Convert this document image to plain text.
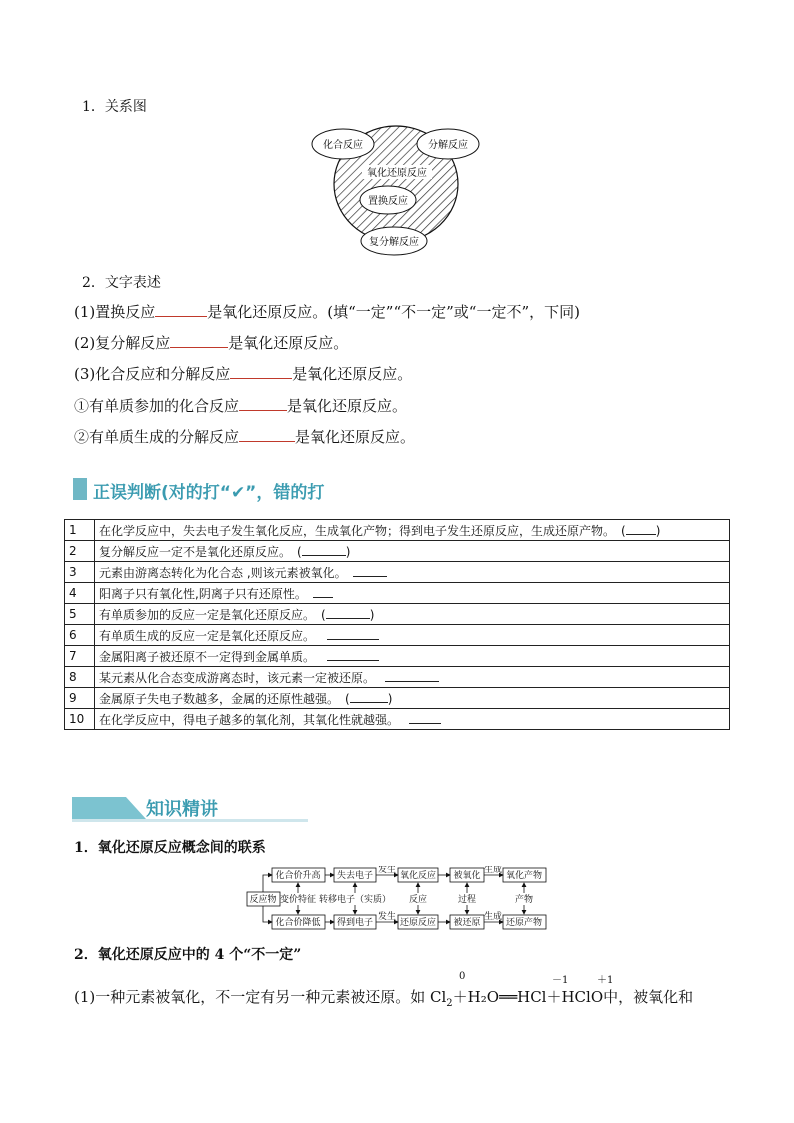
1．关系图
化合反应	分解反应
氧化还原反应
置换反应
复分解反应
2．文字表述
(1)置换反应	是氧化还原反应。(填“一定”“不一定”或“一定不”，下同)
(2)复分解反应	是氧化还原反应。
(3)化合反应和分解反应	是氧化还原反应。
①有单质参加的化合反应	是氧化还原反应。
②有单质生成的分解反应	是氧化还原反应。
正误判断(对的打“✔”，错的打
1	在化学反应中，失去电子发生氧化反应，生成氧化产物；得到电子发生还原反应，生成还原产物。 ( )
2	复分解反应一定不是氧化还原反应。 ( )
3	元素由游离态转化为化合态 ,则该元素被氧化。
4	阳离子只有氧化性,阴离子只有还原性。
5	有单质参加的反应一定是氧化还原反应。 ( )
6	有单质生成的反应一定是氧化还原反应。
7	金属阳离子被还原不一定得到金属单质。
8	某元素从化合态变成游离态时，该元素一定被还原。
9	金属原子失电子数越多，金属的还原性越强。 ( )
10	在化学反应中，得电子越多的氧化剂，其氧化性就越强。
知识精讲
1．氧化还原反应概念间的联系
反应物
化合价升高 失去电子
发生
氧化反应 被氧化
生成
氧化产物
变价特征 转移电子（实质） 反应	过程	产物
化合价降低 得到电子
发生
还原反应 被还原
生成
还原产物
2．氧化还原反应中的 4 个“不一定”
0	－1	＋1
(1)一种元素被氧化，不一定有另一种元素被还原。如 $Cl_2+H_2O══HCl+HClO$中，被氧化和
